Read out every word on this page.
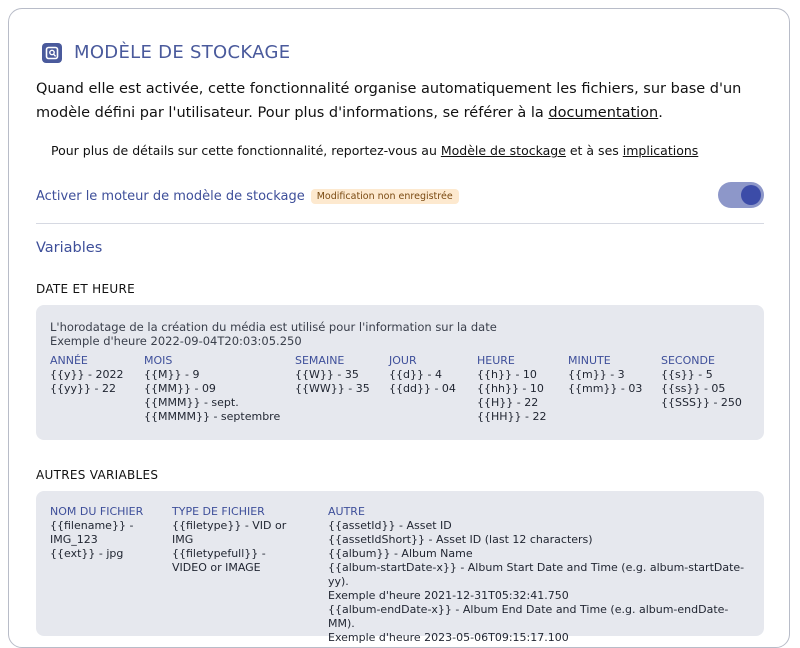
MODÈLE DE STOCKAGE
Quand elle est activée, cette fonctionnalité organise automatiquement les fichiers, sur base d'un modèle défini par l'utilisateur. Pour plus d'informations, se référer à la documentation.
Pour plus de détails sur cette fonctionnalité, reportez-vous au Modèle de stockage et à ses implications
Activer le moteur de modèle de stockage	Modification non enregistrée
Variables
DATE ET HEURE
L'horodatage de la création du média est utilisé pour l'information sur la date
Exemple d'heure 2022-09-04T20:03:05.250
ANNÉE
{{y}} - 2022
{{yy}} - 22
MOIS
{{M}} - 9
{{MM}} - 09
{{MMM}} - sept.
{{MMMM}} - septembre
SEMAINE
{{W}} - 35
{{WW}} - 35
JOUR
{{d}} - 4
{{dd}} - 04
HEURE
{{h}} - 10
{{hh}} - 10
{{H}} - 22
{{HH}} - 22
MINUTE
{{m}} - 3
{{mm}} - 03
SECONDE
{{s}} - 5
{{ss}} - 05
{{SSS}} - 250
AUTRES VARIABLES
NOM DU FICHIER
{{filename}} - IMG_123
{{ext}} - jpg
TYPE DE FICHIER
{{filetype}} - VID or IMG
{{filetypefull}} - VIDEO or IMAGE
AUTRE
{{assetId}} - Asset ID
{{assetIdShort}} - Asset ID (last 12 characters)
{{album}} - Album Name
{{album-startDate-x}} - Album Start Date and Time (e.g. album-startDate-yy).
Exemple d'heure 2021-12-31T05:32:41.750
{{album-endDate-x}} - Album End Date and Time (e.g. album-endDate-MM).
Exemple d'heure 2023-05-06T09:15:17.100
